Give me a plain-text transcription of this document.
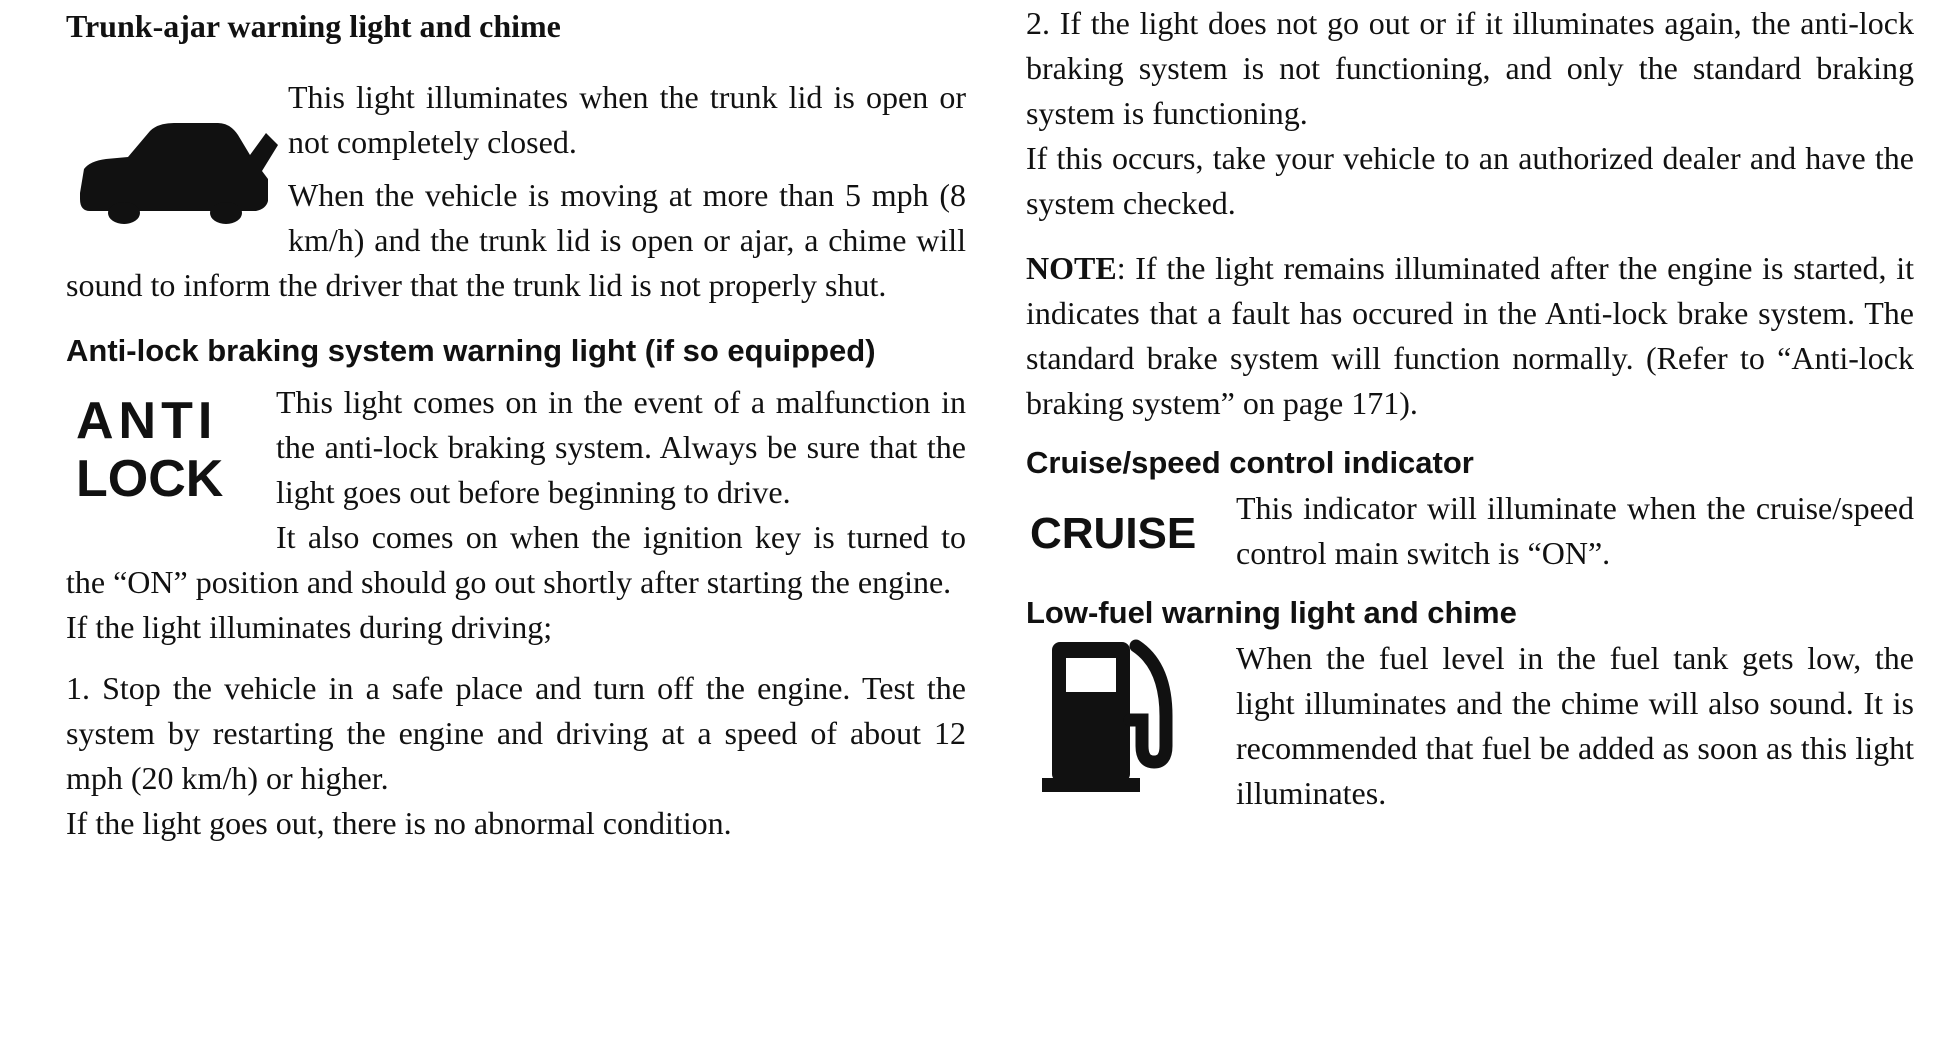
Trunk-ajar warning light and chime

This light illuminates when the trunk lid is open or not completely closed.

When the vehicle is moving at more than 5 mph (8 km/h) and the trunk lid is open or ajar, a chime will sound to inform the driver that the trunk lid is not properly shut.

Anti-lock braking system warning light (if so equipped)
ANTI
LOCK

This light comes on in the event of a malfunction in the anti-lock braking system. Always be sure that the light goes out before beginning to drive.

It also comes on when the ignition key is turned to the “ON” position and should go out shortly after starting the engine.

If the light illuminates during driving;

1. Stop the vehicle in a safe place and turn off the engine. Test the system by restarting the engine and driving at a speed of about 12 mph (20 km/h) or higher.

If the light goes out, there is no abnormal condition.

2. If the light does not go out or if it illuminates again, the anti-lock braking system is not functioning, and only the standard braking system is functioning.

If this occurs, take your vehicle to an authorized dealer and have the system checked.

NOTE: If the light remains illuminated after the engine is started, it indicates that a fault has occured in the Anti-lock brake system. The standard brake system will function normally. (Refer to “Anti-lock braking system” on page 171).

Cruise/speed control indicator
CRUISE

This indicator will illuminate when the cruise/speed control main switch is “ON”.

Low-fuel warning light and chime

When the fuel level in the fuel tank gets low, the light illuminates and the chime will also sound. It is recommended that fuel be added as soon as this light illuminates.
